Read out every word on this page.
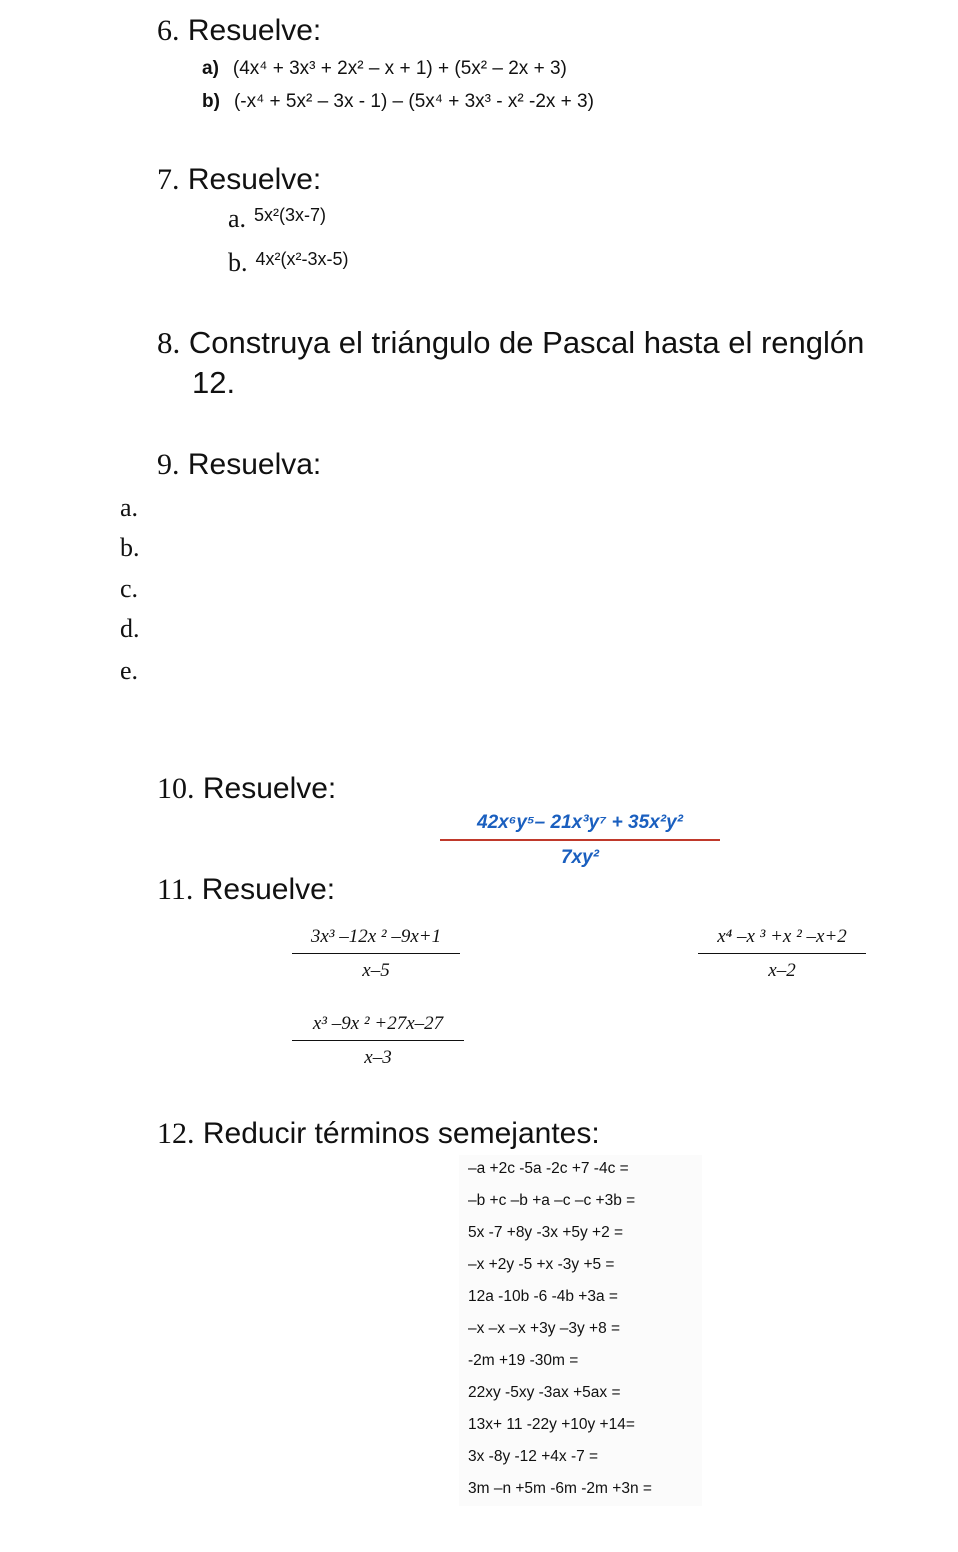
6. Resuelve:
a) (4x⁴ + 3x³ + 2x² – x + 1) + (5x² – 2x + 3)
b) (-x⁴ + 5x² – 3x - 1) – (5x⁴ + 3x³ - x² -2x + 3)
7. Resuelve:
a. 5x²(3x-7)
b. 4x²(x²-3x-5)
8. Construya el triángulo de Pascal hasta el renglón
12.
9. Resuelva:
a.
b.
c.
d.
e.
10. Resuelve:
42x⁶y⁵– 21x³y⁷ + 35x²y²
7xy²
11. Resuelve:
3x³ –12x ² –9x+1
x–5
x⁴ –x ³ +x ² –x+2
x–2
x³ –9x ² +27x–27
x–3
12. Reducir términos semejantes:
–a +2c -5a -2c +7 -4c =
–b +c –b +a –c –c +3b =
5x -7 +8y -3x +5y +2 =
–x +2y -5 +x -3y +5 =
12a -10b -6 -4b +3a =
–x –x –x +3y –3y +8 =
-2m +19 -30m =
22xy -5xy -3ax +5ax =
13x+ 11 -22y +10y +14=
3x -8y -12 +4x -7 =
3m –n +5m -6m -2m +3n =
